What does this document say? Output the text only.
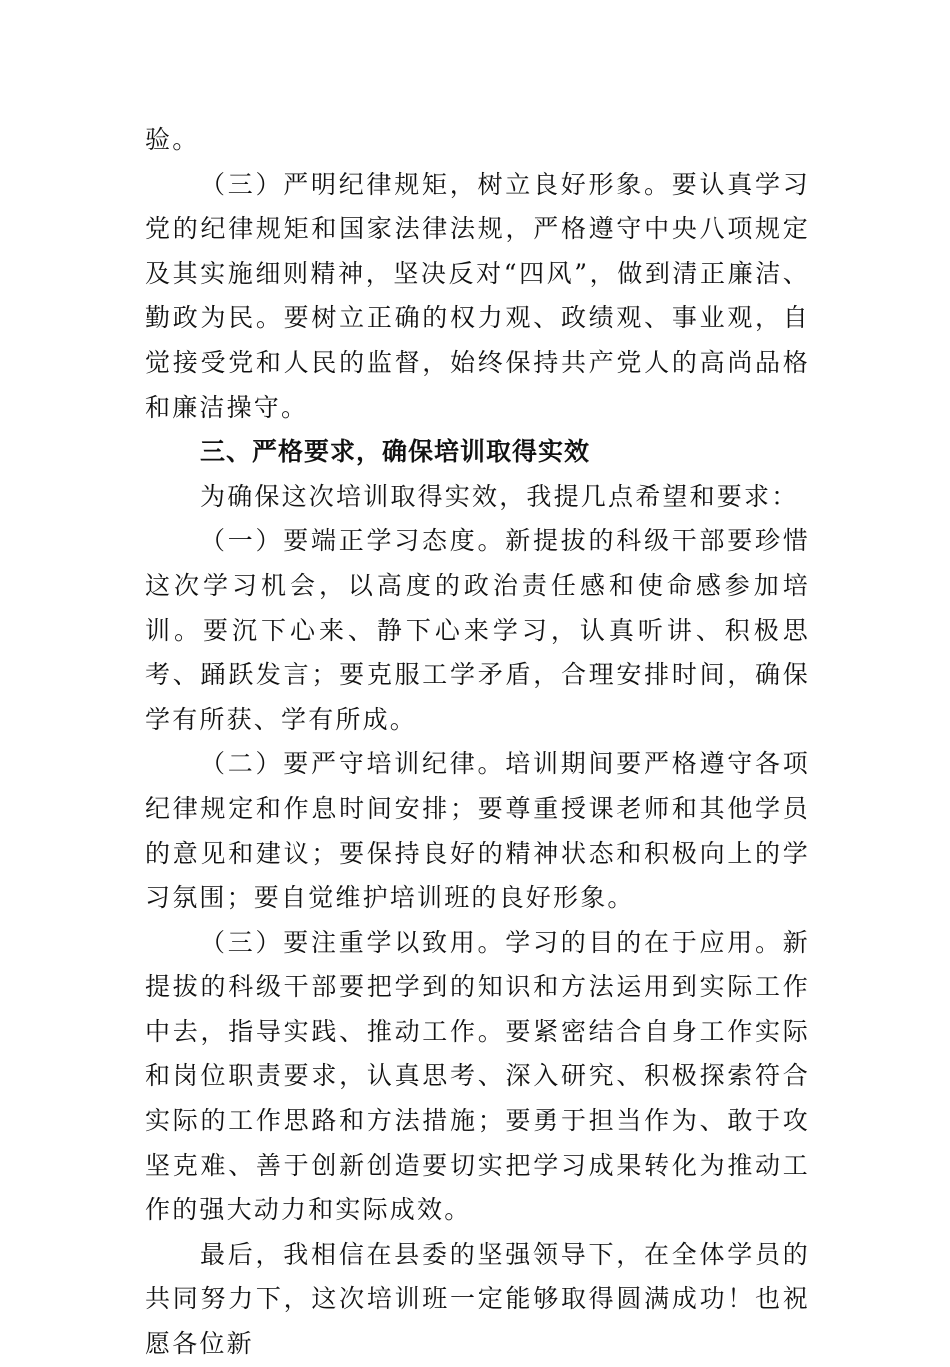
验。

（三）严明纪律规矩，树立良好形象。要认真学习党的纪律规矩和国家法律法规，严格遵守中央八项规定及其实施细则精神，坚决反对“四风”，做到清正廉洁、勤政为民。要树立正确的权力观、政绩观、事业观，自觉接受党和人民的监督，始终保持共产党人的高尚品格和廉洁操守。

三、严格要求，确保培训取得实效

为确保这次培训取得实效，我提几点希望和要求：

（一）要端正学习态度。新提拔的科级干部要珍惜这次学习机会，以高度的政治责任感和使命感参加培训。要沉下心来、静下心来学习，认真听讲、积极思考、踊跃发言；要克服工学矛盾，合理安排时间，确保学有所获、学有所成。

（二）要严守培训纪律。培训期间要严格遵守各项纪律规定和作息时间安排；要尊重授课老师和其他学员的意见和建议；要保持良好的精神状态和积极向上的学习氛围；要自觉维护培训班的良好形象。

（三）要注重学以致用。学习的目的在于应用。新提拔的科级干部要把学到的知识和方法运用到实际工作中去，指导实践、推动工作。要紧密结合自身工作实际和岗位职责要求，认真思考、深入研究、积极探索符合实际的工作思路和方法措施；要勇于担当作为、敢于攻坚克难、善于创新创造要切实把学习成果转化为推动工作的强大动力和实际成效。

最后，我相信在县委的坚强领导下，在全体学员的共同努力下，这次培训班一定能够取得圆满成功！也祝愿各位新
